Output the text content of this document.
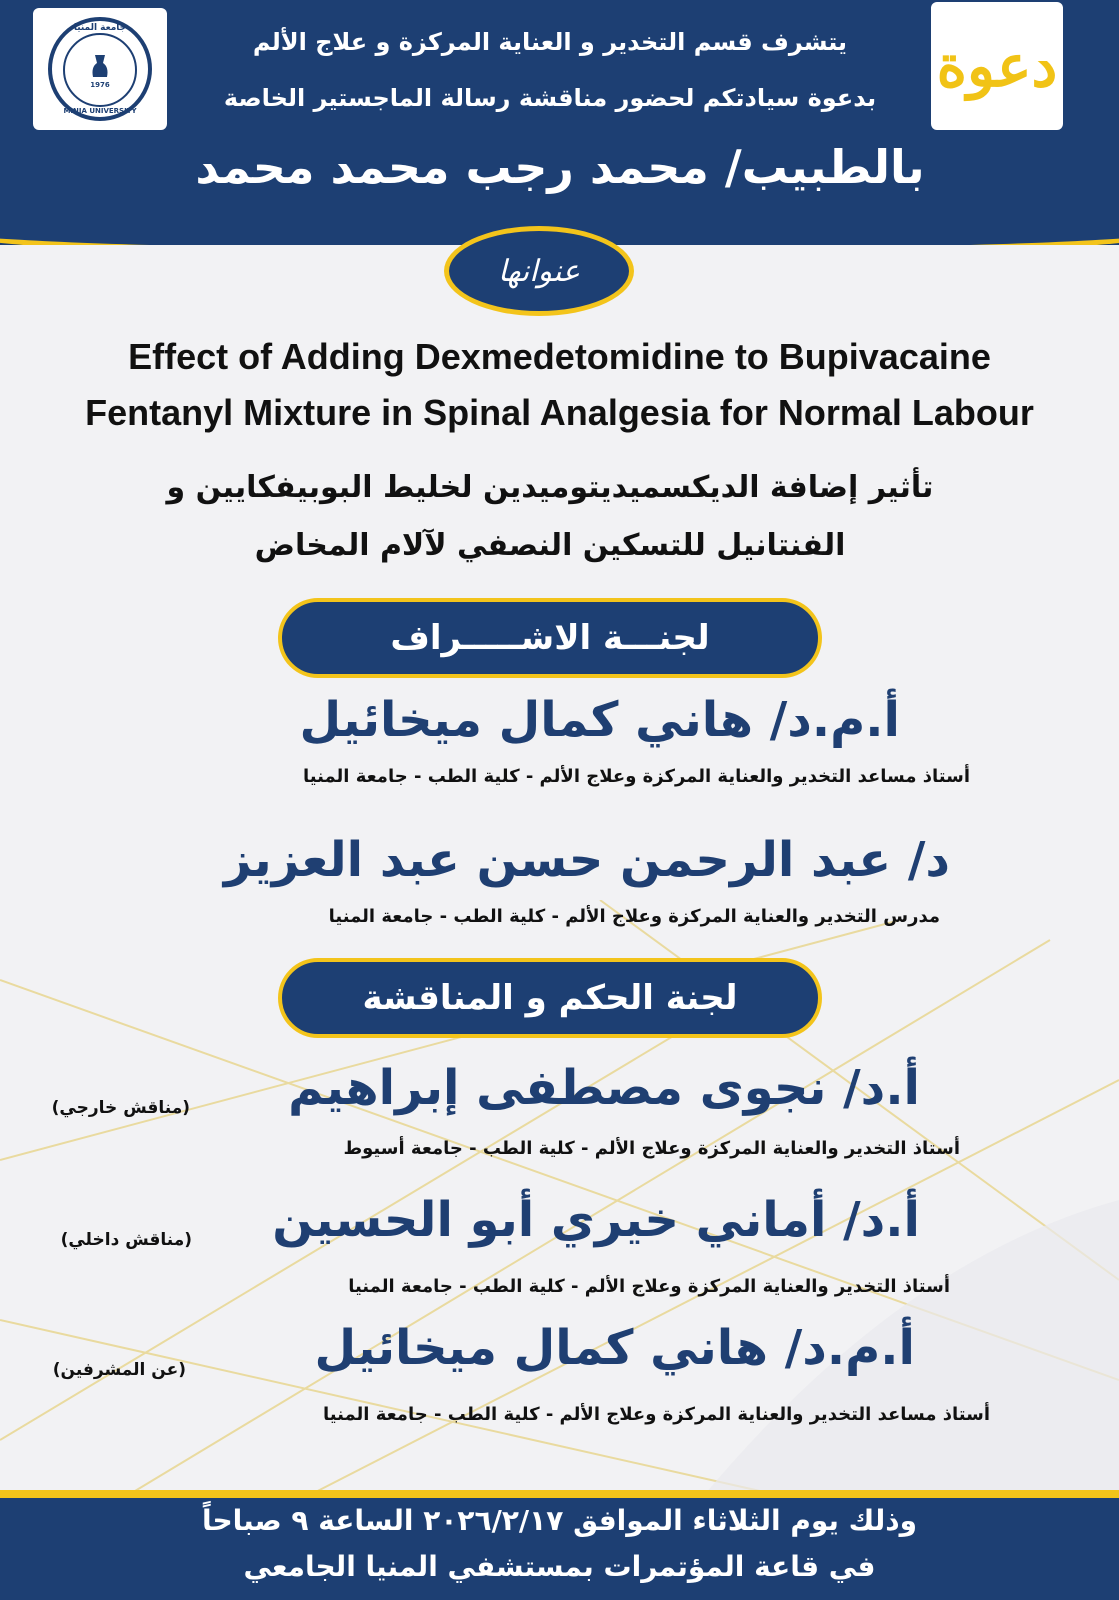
جامعة المنيا
1976
MINIA UNIVERSITY
دعوة
يتشرف قسم التخدير و العناية المركزة و علاج الألم
بدعوة سيادتكم لحضور مناقشة رسالة الماجستير الخاصة
بالطبيب/ محمد رجب محمد محمد
عنوانها
Effect of Adding Dexmedetomidine to Bupivacaine
Fentanyl Mixture in Spinal Analgesia for Normal Labour
تأثير إضافة الديكسميديتوميدين لخليط البوبيفكايين و
الفنتانيل للتسكين النصفي لآلام المخاض
لجنـــة الاشـــــراف
أ.م.د/ هاني كمال ميخائيل
أستاذ مساعد التخدير والعناية المركزة وعلاج الألم - كلية الطب - جامعة المنيا
د/ عبد الرحمن حسن عبد العزيز
مدرس التخدير والعناية المركزة وعلاج الألم - كلية الطب - جامعة المنيا
لجنة الحكم و المناقشة
أ.د/ نجوى مصطفى إبراهيم
(مناقش خارجي)
أستاذ التخدير والعناية المركزة وعلاج الألم - كلية الطب - جامعة أسيوط
أ.د/ أماني خيري أبو الحسين
(مناقش داخلي)
أستاذ التخدير والعناية المركزة وعلاج الألم - كلية الطب - جامعة المنيا
أ.م.د/ هاني كمال ميخائيل
(عن المشرفين)
أستاذ مساعد التخدير والعناية المركزة وعلاج الألم - كلية الطب - جامعة المنيا
وذلك يوم الثلاثاء الموافق ٢٠٢٦/٢/١٧ الساعة ٩ صباحاً
في قاعة المؤتمرات بمستشفي المنيا الجامعي
